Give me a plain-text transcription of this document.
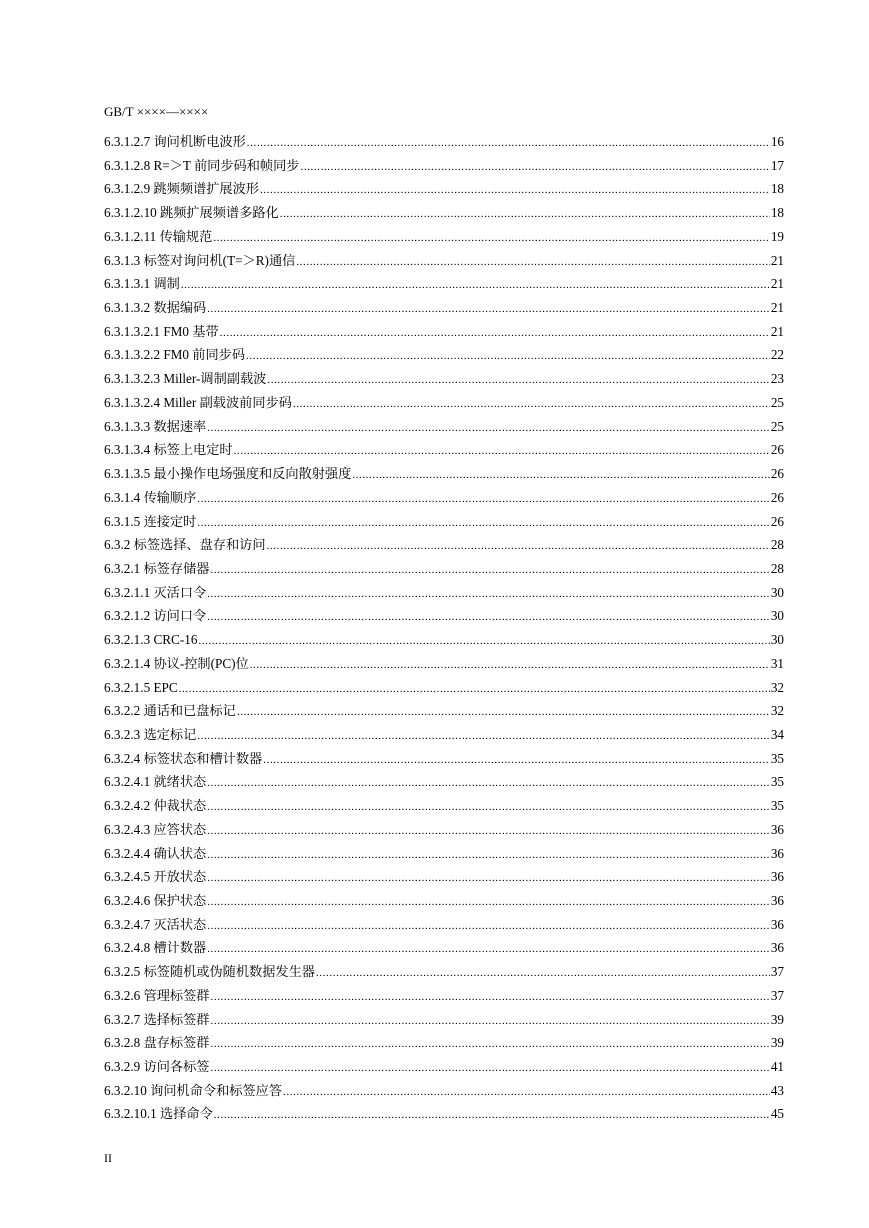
GB/T ××××—××××
6.3.1.2.7 询问机断电波形 .....	16
6.3.1.2.8 R=＞T 前同步码和帧同步 .....	17
6.3.1.2.9 跳频频谱扩展波形 .....	18
6.3.1.2.10 跳频扩展频谱多路化 .....	18
6.3.1.2.11 传输规范 .....	19
6.3.1.3 标签对询问机(T=＞R)通信 .....	21
6.3.1.3.1 调制 .....	21
6.3.1.3.2 数据编码 .....	21
6.3.1.3.2.1 FM0 基带 .....	21
6.3.1.3.2.2 FM0 前同步码 .....	22
6.3.1.3.2.3 Miller-调制副载波 .....	23
6.3.1.3.2.4 Miller 副载波前同步码 .....	25
6.3.1.3.3 数据速率 .....	25
6.3.1.3.4 标签上电定时 .....	26
6.3.1.3.5 最小操作电场强度和反向散射强度 .....	26
6.3.1.4 传输顺序 .....	26
6.3.1.5 连接定时 .....	26
6.3.2 标签选择、盘存和访问 .....	28
6.3.2.1 标签存储器 .....	28
6.3.2.1.1 灭活口令 .....	30
6.3.2.1.2 访问口令 .....	30
6.3.2.1.3 CRC-16 .....	30
6.3.2.1.4 协议-控制(PC)位 .....	31
6.3.2.1.5 EPC .....	32
6.3.2.2 通话和已盘标记 .....	32
6.3.2.3 选定标记 .....	34
6.3.2.4 标签状态和槽计数器 .....	35
6.3.2.4.1 就绪状态 .....	35
6.3.2.4.2 仲裁状态 .....	35
6.3.2.4.3 应答状态 .....	36
6.3.2.4.4 确认状态 .....	36
6.3.2.4.5 开放状态 .....	36
6.3.2.4.6 保护状态 .....	36
6.3.2.4.7 灭活状态 .....	36
6.3.2.4.8 槽计数器 .....	36
6.3.2.5 标签随机或伪随机数据发生器 .....	37
6.3.2.6 管理标签群 .....	37
6.3.2.7 选择标签群 .....	39
6.3.2.8 盘存标签群 .....	39
6.3.2.9 访问各标签 .....	41
6.3.2.10 询问机命令和标签应答 .....	43
6.3.2.10.1 选择命令 .....	45
II
